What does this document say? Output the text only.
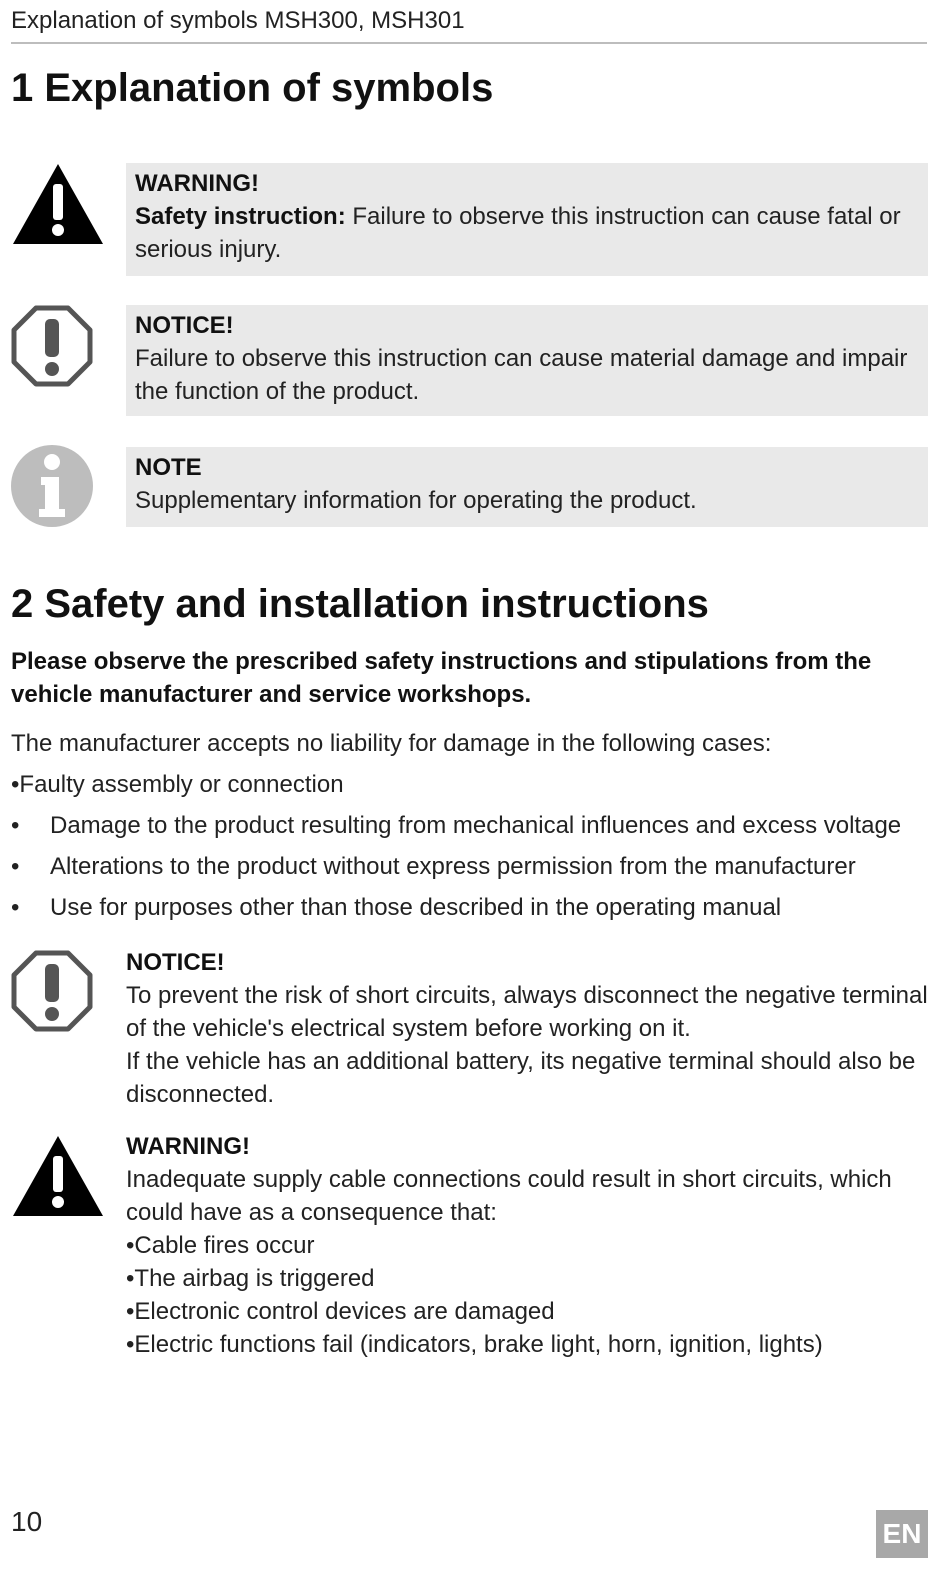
Explanation of symbols MSH300, MSH301
1 Explanation of symbols
WARNING!
Safety instruction: Failure to observe this instruction can cause fatal or serious injury.
NOTICE!
Failure to observe this instruction can cause material damage and impair the function of the product.
NOTE
Supplementary information for operating the product.
2 Safety and installation instructions

Please observe the prescribed safety instructions and stipulations from the vehicle manufacturer and service workshops.

The manufacturer accepts no liability for damage in the following cases:

•Faulty assembly or connection

• Damage to the product resulting from mechanical influences and excess voltage
• Alterations to the product without express permission from the manufacturer
• Use for purposes other than those described in the operating manual
NOTICE!
To prevent the risk of short circuits, always disconnect the negative terminal of the vehicle's electrical system before working on it.
If the vehicle has an additional battery, its negative terminal should also be disconnected.
WARNING!
Inadequate supply cable connections could result in short circuits, which could have as a consequence that:
•Cable fires occur
•The airbag is triggered
•Electronic control devices are damaged
•Electric functions fail (indicators, brake light, horn, ignition, lights)
10	EN
